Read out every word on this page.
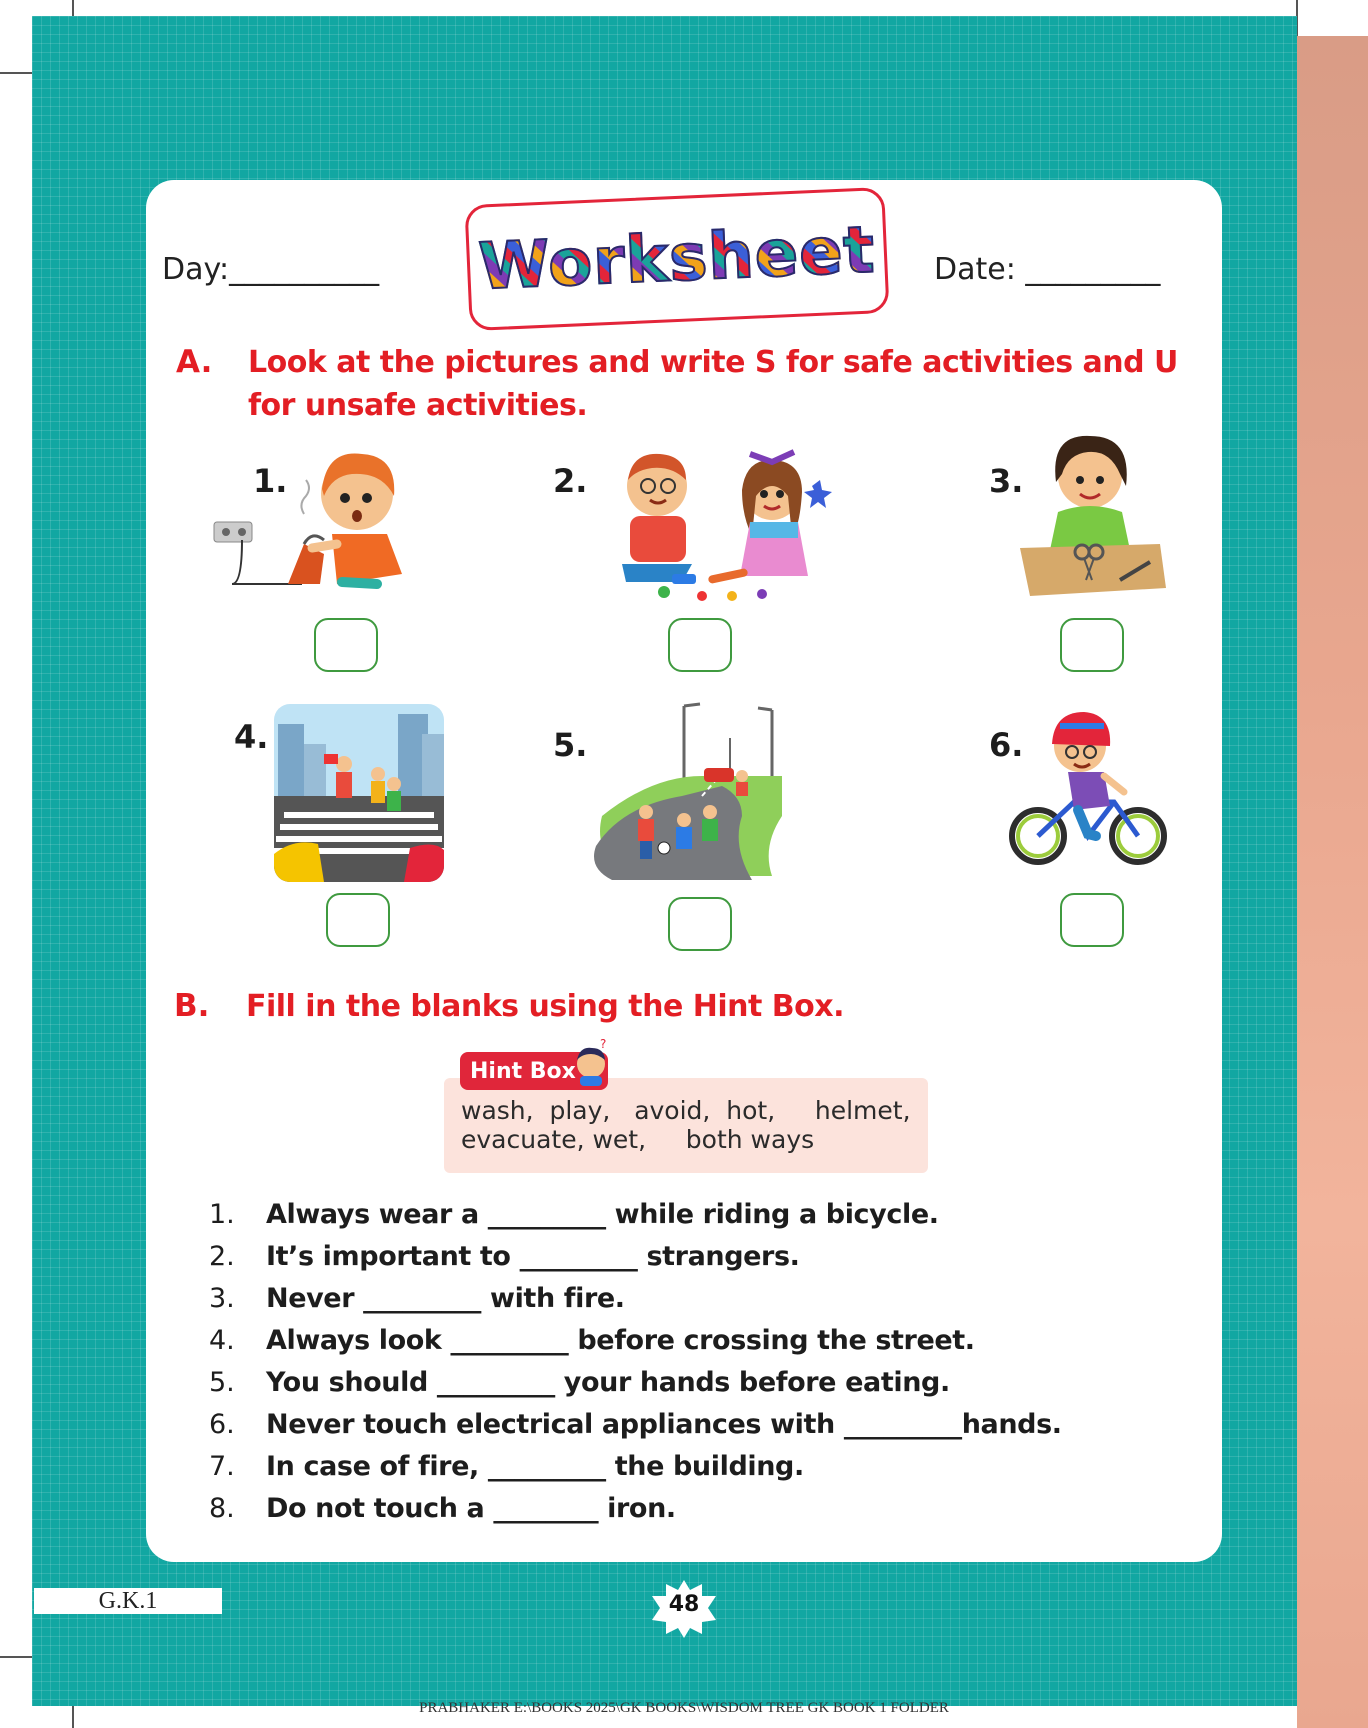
Day:__________ Worksheet Date: _________
A. Look at the pictures and write S for safe activities and U
for unsafe activities.
1.	2.	3.
4.	5.	6.
B. Fill in the blanks using the Hint Box.
Hint Box
?
wash,  play,   avoid,  hot,     helmet,
evacuate, wet,     both ways
1. Always wear a _________ while riding a bicycle.
2. It’s important to _________ strangers.
3. Never _________ with fire.
4. Always look _________ before crossing the street.
5. You should _________ your hands before eating.
6. Never touch electrical appliances with _________hands.
7. In case of fire, _________ the building.
8. Do not touch a ________ iron.
G.K.1	48
PRABHAKER E:\BOOKS 2025\GK BOOKS\WISDOM TREE GK BOOK 1 FOLDER
